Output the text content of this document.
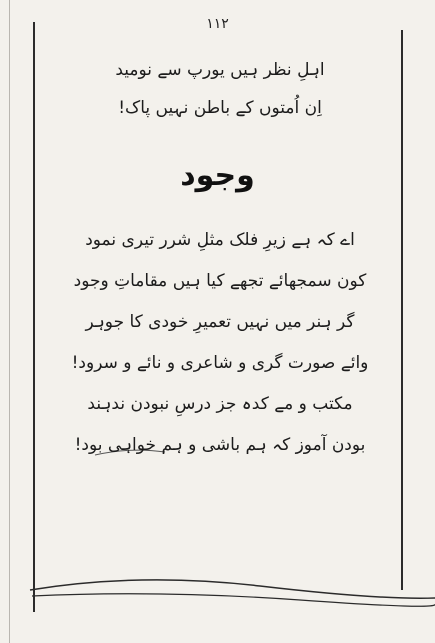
۱۱۲

اہلِ نظر ہیں یورپ سے نومید

اِن اُمتوں کے باطن نہیں پاک!

وجود

اے کہ ہے زیرِ فلک مثلِ شرر تیری نمود

کون سمجھائے تجھے کیا ہیں مقاماتِ وجود

گر ہنر میں نہیں تعمیرِ خودی کا جوہر

وائے صورت گری و شاعری و نائے و سرود!

مکتب و مے کدہ جز درسِ نبودن ندہند

بودن آموز کہ ہم باشی و ہم خواہی بود!
